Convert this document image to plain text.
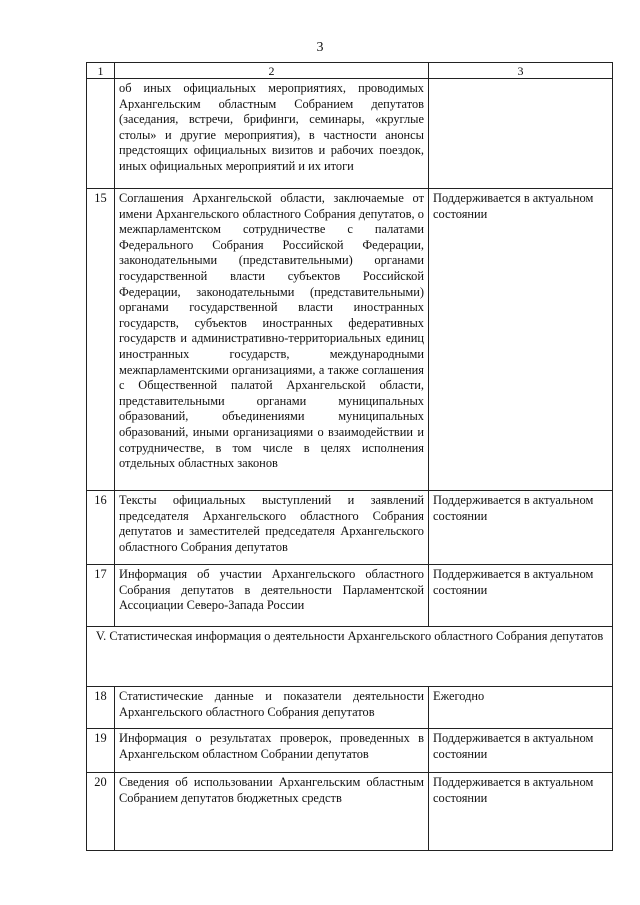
3
1	2	3
	об иных официальных мероприятиях, проводимых Архангельским областным Собранием депутатов (заседания, встречи, брифинги, семинары, «круглые столы» и другие мероприятия), в частности анонсы предстоящих официальных визитов и рабочих поездок, иных официальных мероприятий и их итоги	
15	Соглашения Архангельской области, заключаемые от имени Архангельского областного Собрания депутатов, о межпарламентском сотрудничестве с палатами Федерального Собрания Российской Федерации, законодательными (представительными) органами государственной власти субъектов Российской Федерации, законодательными (представительными) органами государственной власти иностранных государств, субъектов иностранных федеративных государств и административно-территориальных единиц иностранных государств, международными межпарламентскими организациями, а также соглашения с Общественной палатой Архангельской области, представительными органами муниципальных образований, объединениями муниципальных образований, иными организациями о взаимодействии и сотрудничестве, в том числе в целях исполнения отдельных областных законов	Поддерживается в актуальном состоянии
16	Тексты официальных выступлений и заявлений председателя Архангельского областного Собрания депутатов и заместителей председателя Архангельского областного Собрания депутатов	Поддерживается в актуальном состоянии
17	Информация об участии Архангельского областного Собрания депутатов в деятельности Парламентской Ассоциации Северо-Запада России	Поддерживается в актуальном состоянии
V. Статистическая информация о деятельности Архангельского областного Собрания депутатов		
18	Статистические данные и показатели деятельности Архангельского областного Собрания депутатов	Ежегодно
19	Информация о результатах проверок, проведенных в Архангельском областном Собрании депутатов	Поддерживается в актуальном состоянии
20	Сведения об использовании Архангельским областным Собранием депутатов бюджетных средств	Поддерживается в актуальном состоянии
